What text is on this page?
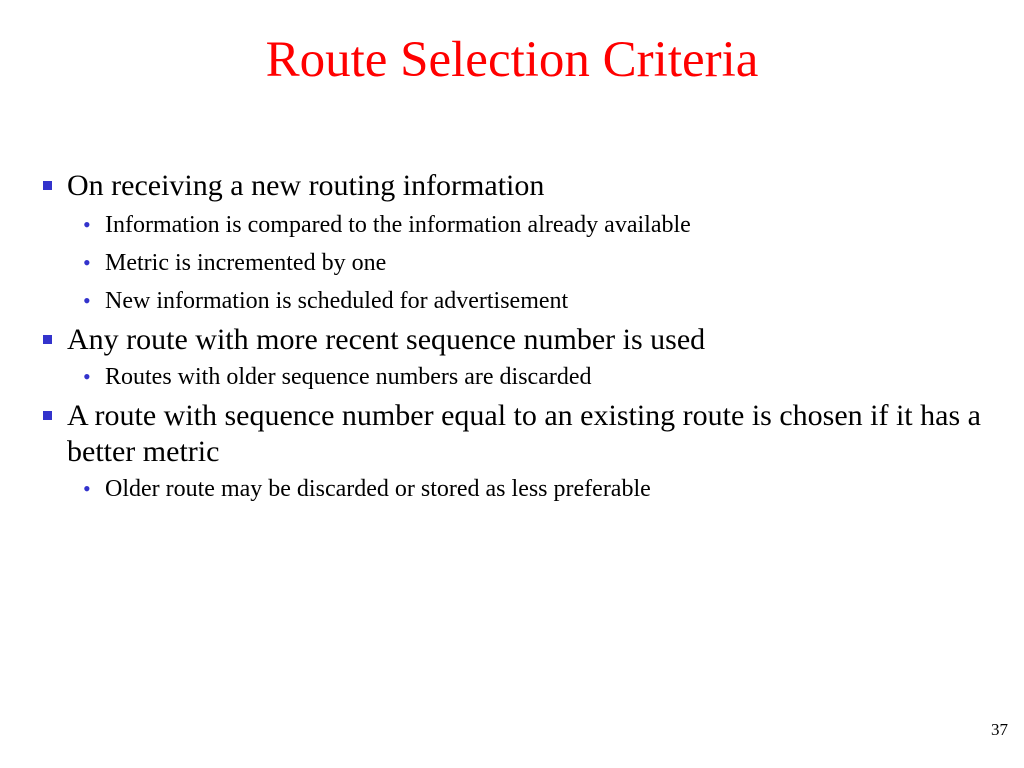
Route Selection Criteria
On receiving a new routing information
• Information is compared to the information already available
• Metric is incremented by one
• New information is scheduled for advertisement
Any route with more recent sequence number is used
• Routes with older sequence numbers are discarded
A route with sequence number equal to an existing route is chosen if it has a better metric
• Older route may be discarded or stored as less preferable
37
